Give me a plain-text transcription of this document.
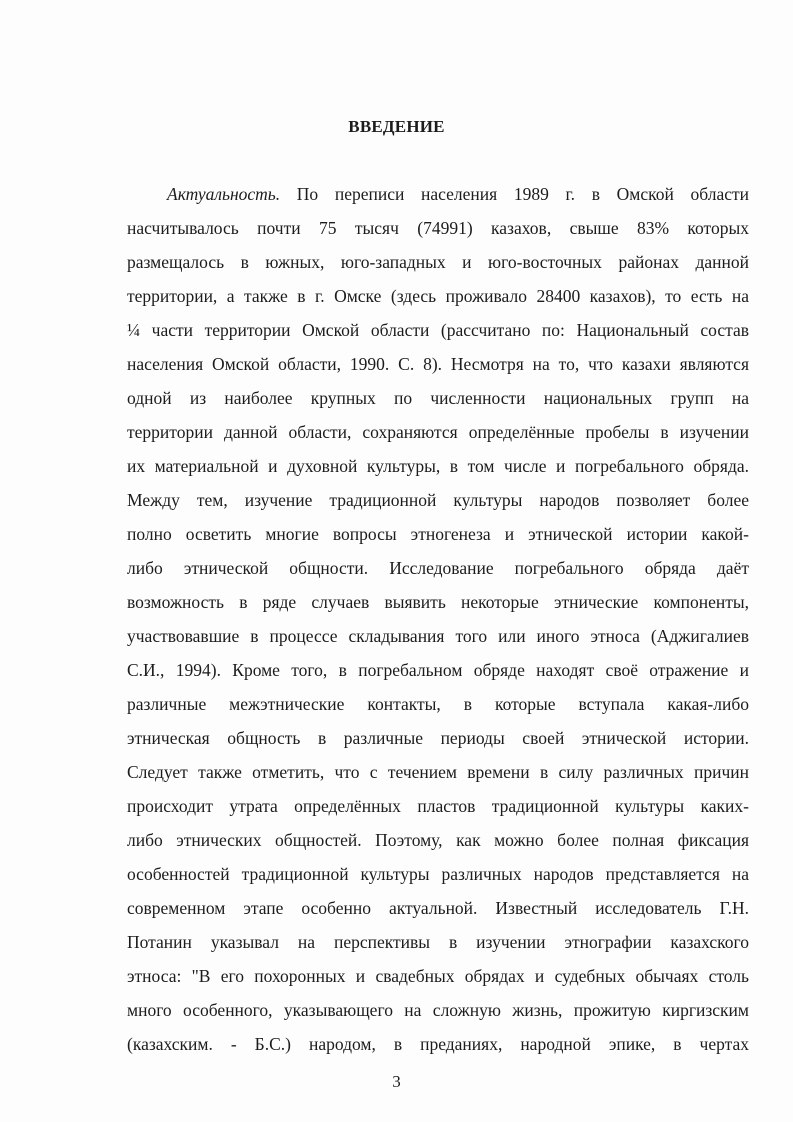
ВВЕДЕНИЕ
Актуальность. По переписи населения 1989 г. в Омской области
насчитывалось почти 75 тысяч (74991) казахов, свыше 83% которых
размещалось в южных, юго-западных и юго-восточных районах данной
территории, а также в г. Омске (здесь проживало 28400 казахов), то есть на
¼ части территории Омской области (рассчитано по: Национальный состав
населения Омской области, 1990. С. 8). Несмотря на то, что казахи являются
одной из наиболее крупных по численности национальных групп на
территории данной области, сохраняются определённые пробелы в изучении
их материальной и духовной культуры, в том числе и погребального обряда.
Между тем, изучение традиционной культуры народов позволяет более
полно осветить многие вопросы этногенеза и этнической истории какой-
либо этнической общности. Исследование погребального обряда даёт
возможность в ряде случаев выявить некоторые этнические компоненты,
участвовавшие в процессе складывания того или иного этноса (Аджигалиев
С.И., 1994). Кроме того, в погребальном обряде находят своё отражение и
различные межэтнические контакты, в которые вступала какая-либо
этническая общность в различные периоды своей этнической истории.
Следует также отметить, что с течением времени в силу различных причин
происходит утрата определённых пластов традиционной культуры каких-
либо этнических общностей. Поэтому, как можно более полная фиксация
особенностей традиционной культуры различных народов представляется на
современном этапе особенно актуальной. Известный исследователь Г.Н.
Потанин указывал на перспективы в изучении этнографии казахского
этноса: "В его похоронных и свадебных обрядах и судебных обычаях столь
много особенного, указывающего на сложную жизнь, прожитую киргизским
(казахским. - Б.С.) народом, в преданиях, народной эпике, в чертах
3
